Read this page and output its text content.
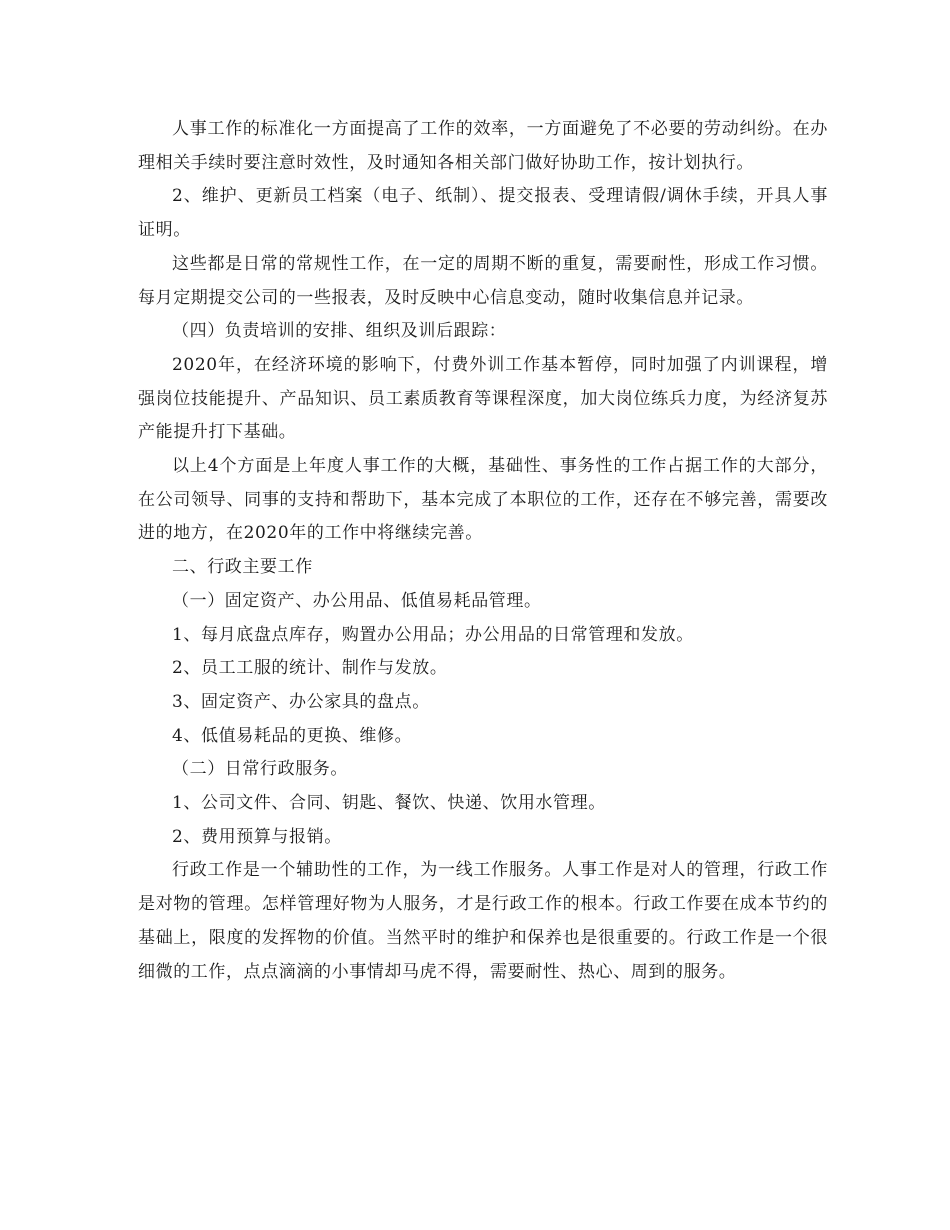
人事工作的标准化一方面提高了工作的效率，一方面避免了不必要的劳动纠纷。在办理相关手续时要注意时效性，及时通知各相关部门做好协助工作，按计划执行。

2、维护、更新员工档案（电子、纸制）、提交报表、受理请假/调休手续，开具人事证明。

这些都是日常的常规性工作，在一定的周期不断的重复，需要耐性，形成工作习惯。每月定期提交公司的一些报表，及时反映中心信息变动，随时收集信息并记录。

（四）负责培训的安排、组织及训后跟踪：

2020年，在经济环境的影响下，付费外训工作基本暂停，同时加强了内训课程，增强岗位技能提升、产品知识、员工素质教育等课程深度，加大岗位练兵力度，为经济复苏产能提升打下基础。

以上4个方面是上年度人事工作的大概，基础性、事务性的工作占据工作的大部分，在公司领导、同事的支持和帮助下，基本完成了本职位的工作，还存在不够完善，需要改进的地方，在2020年的工作中将继续完善。

二、行政主要工作

（一）固定资产、办公用品、低值易耗品管理。

1、每月底盘点库存，购置办公用品；办公用品的日常管理和发放。

2、员工工服的统计、制作与发放。

3、固定资产、办公家具的盘点。

4、低值易耗品的更换、维修。

（二）日常行政服务。

1、公司文件、合同、钥匙、餐饮、快递、饮用水管理。

2、费用预算与报销。

行政工作是一个辅助性的工作，为一线工作服务。人事工作是对人的管理，行政工作是对物的管理。怎样管理好物为人服务，才是行政工作的根本。行政工作要在成本节约的基础上，限度的发挥物的价值。当然平时的维护和保养也是很重要的。行政工作是一个很细微的工作，点点滴滴的小事情却马虎不得，需要耐性、热心、周到的服务。
